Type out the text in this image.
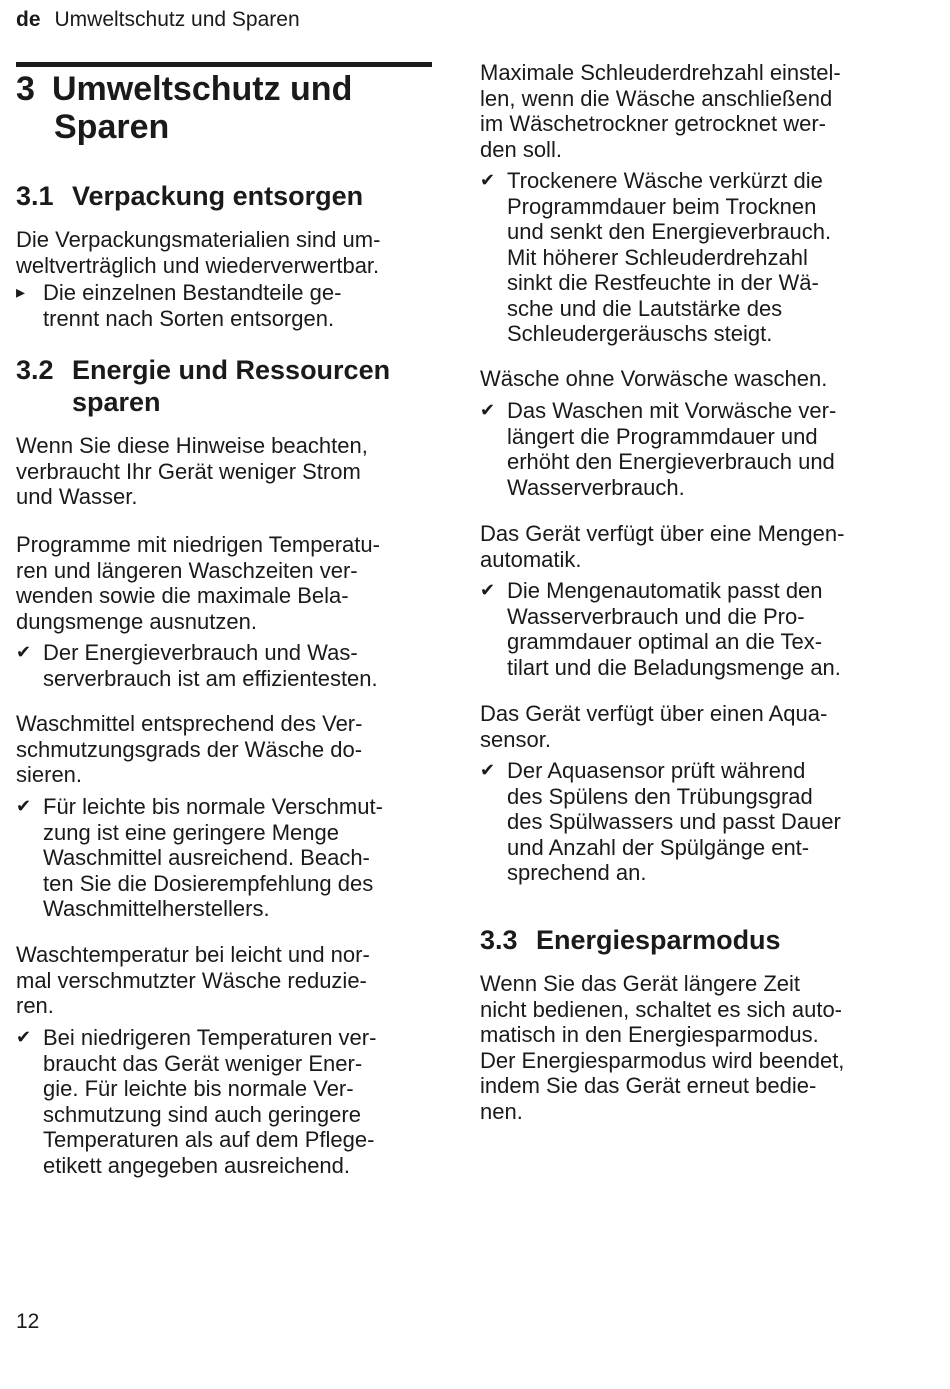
de Umweltschutz und Sparen
3 Umweltschutz und
Sparen
3.1 Verpackung entsorgen
Die Verpackungsmaterialien sind um-
weltverträglich und wiederverwertbar.
▸ Die einzelnen Bestandteile ge-
trennt nach Sorten entsorgen.
3.2 Energie und Ressourcen
sparen
Wenn Sie diese Hinweise beachten,
verbraucht Ihr Gerät weniger Strom
und Wasser.
Programme mit niedrigen Temperatu-
ren und längeren Waschzeiten ver-
wenden sowie die maximale Bela-
dungsmenge ausnutzen.
✔ Der Energieverbrauch und Was-
serverbrauch ist am effizientesten.
Waschmittel entsprechend des Ver-
schmutzungsgrads der Wäsche do-
sieren.
✔ Für leichte bis normale Verschmut-
zung ist eine geringere Menge
Waschmittel ausreichend. Beach-
ten Sie die Dosierempfehlung des
Waschmittelherstellers.
Waschtemperatur bei leicht und nor-
mal verschmutzter Wäsche reduzie-
ren.
✔ Bei niedrigeren Temperaturen ver-
braucht das Gerät weniger Ener-
gie. Für leichte bis normale Ver-
schmutzung sind auch geringere
Temperaturen als auf dem Pflege-
etikett angegeben ausreichend.
Maximale Schleuderdrehzahl einstel-
len, wenn die Wäsche anschließend
im Wäschetrockner getrocknet wer-
den soll.
✔ Trockenere Wäsche verkürzt die
Programmdauer beim Trocknen
und senkt den Energieverbrauch.
Mit höherer Schleuderdrehzahl
sinkt die Restfeuchte in der Wä-
sche und die Lautstärke des
Schleudergeräuschs steigt.
Wäsche ohne Vorwäsche waschen.
✔ Das Waschen mit Vorwäsche ver-
längert die Programmdauer und
erhöht den Energieverbrauch und
Wasserverbrauch.
Das Gerät verfügt über eine Mengen-
automatik.
✔ Die Mengenautomatik passt den
Wasserverbrauch und die Pro-
grammdauer optimal an die Tex-
tilart und die Beladungsmenge an.
Das Gerät verfügt über einen Aqua-
sensor.
✔ Der Aquasensor prüft während
des Spülens den Trübungsgrad
des Spülwassers und passt Dauer
und Anzahl der Spülgänge ent-
sprechend an.
3.3 Energiesparmodus
Wenn Sie das Gerät längere Zeit
nicht bedienen, schaltet es sich auto-
matisch in den Energiesparmodus.
Der Energiesparmodus wird beendet,
indem Sie das Gerät erneut bedie-
nen.
12
